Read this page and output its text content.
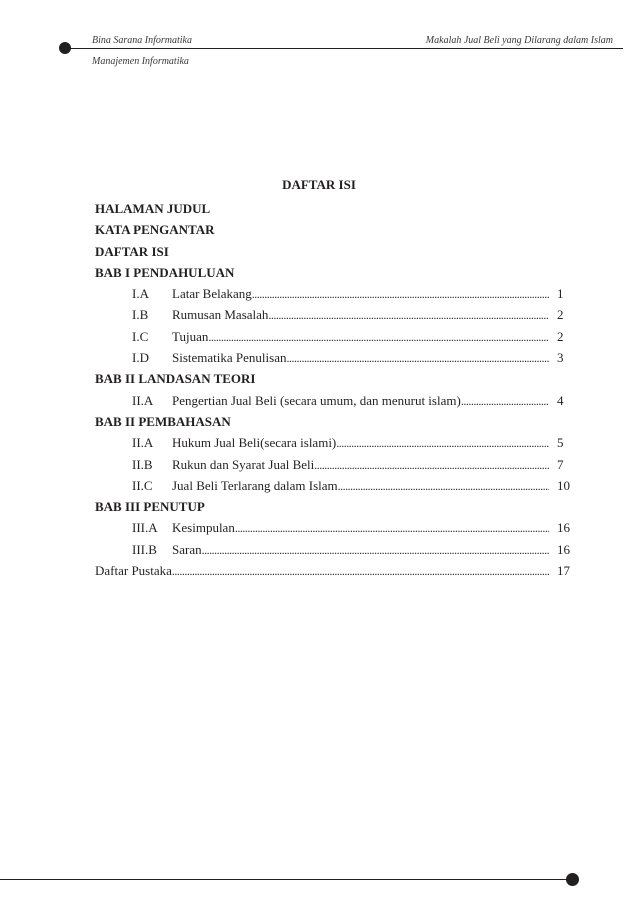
Bina Sarana Informatika
Manajemen Informatika
Makalah Jual Beli yang Dilarang dalam Islam
DAFTAR ISI
HALAMAN JUDUL
KATA PENGANTAR
DAFTAR ISI
BAB I PENDAHULUAN
I.A	Latar Belakang .....	1
I.B	Rumusan Masalah .....	2
I.C	Tujuan .....	2
I.D	Sistematika Penulisan .....	3
BAB II LANDASAN TEORI
II.A	Pengertian Jual Beli (secara umum, dan menurut islam) .....	4
BAB II PEMBAHASAN
II.A	Hukum Jual Beli(secara islami) .....	5
II.B	Rukun dan Syarat Jual Beli .....	7
II.C	Jual Beli Terlarang dalam Islam .....	10
BAB III PENUTUP
III.A	Kesimpulan .....	16
III.B	Saran .....	16
Daftar Pustaka .....	17
